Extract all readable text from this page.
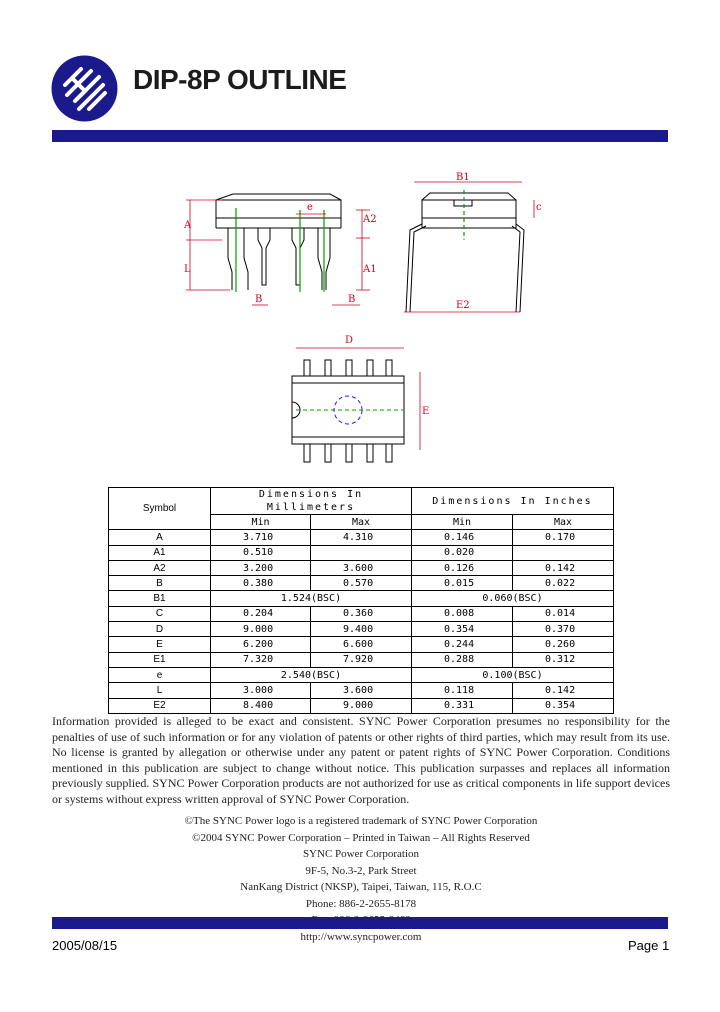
DIP-8P OUTLINE
A
L
B	B
e
A2
A1
B1
c
E2
D
E
Symbol	Dimensions In Millimeters		Dimensions In Inches	
	Min	Max	Min	Max
A	3.710	4.310	0.146	0.170
A1	0.510		0.020	
A2	3.200	3.600	0.126	0.142
B	0.380	0.570	0.015	0.022
B1	1.524(BSC)		0.060(BSC)	
C	0.204	0.360	0.008	0.014
D	9.000	9.400	0.354	0.370
E	6.200	6.600	0.244	0.260
E1	7.320	7.920	0.288	0.312
e	2.540(BSC)		0.100(BSC)	
L	3.000	3.600	0.118	0.142
E2	8.400	9.000	0.331	0.354
Information provided is alleged to be exact and consistent. SYNC Power Corporation presumes no responsibility for the penalties of use of such information or for any violation of patents or other rights of third parties, which may result from its use. No license is granted by allegation or otherwise under any patent or patent rights of SYNC Power Corporation. Conditions mentioned in this publication are subject to change without notice. This publication surpasses and replaces all information previously supplied. SYNC Power Corporation products are not authorized for use as critical components in life support devices or systems without express written approval of SYNC Power Corporation.
©The SYNC Power logo is a registered trademark of SYNC Power Corporation
©2004 SYNC Power Corporation – Printed in Taiwan – All Rights Reserved
SYNC Power Corporation
9F-5, No.3-2, Park Street
NanKang District (NKSP), Taipei, Taiwan, 115, R.O.C
Phone: 886-2-2655-8178
http://www.syncpower.com
2005/08/15	Page 1
